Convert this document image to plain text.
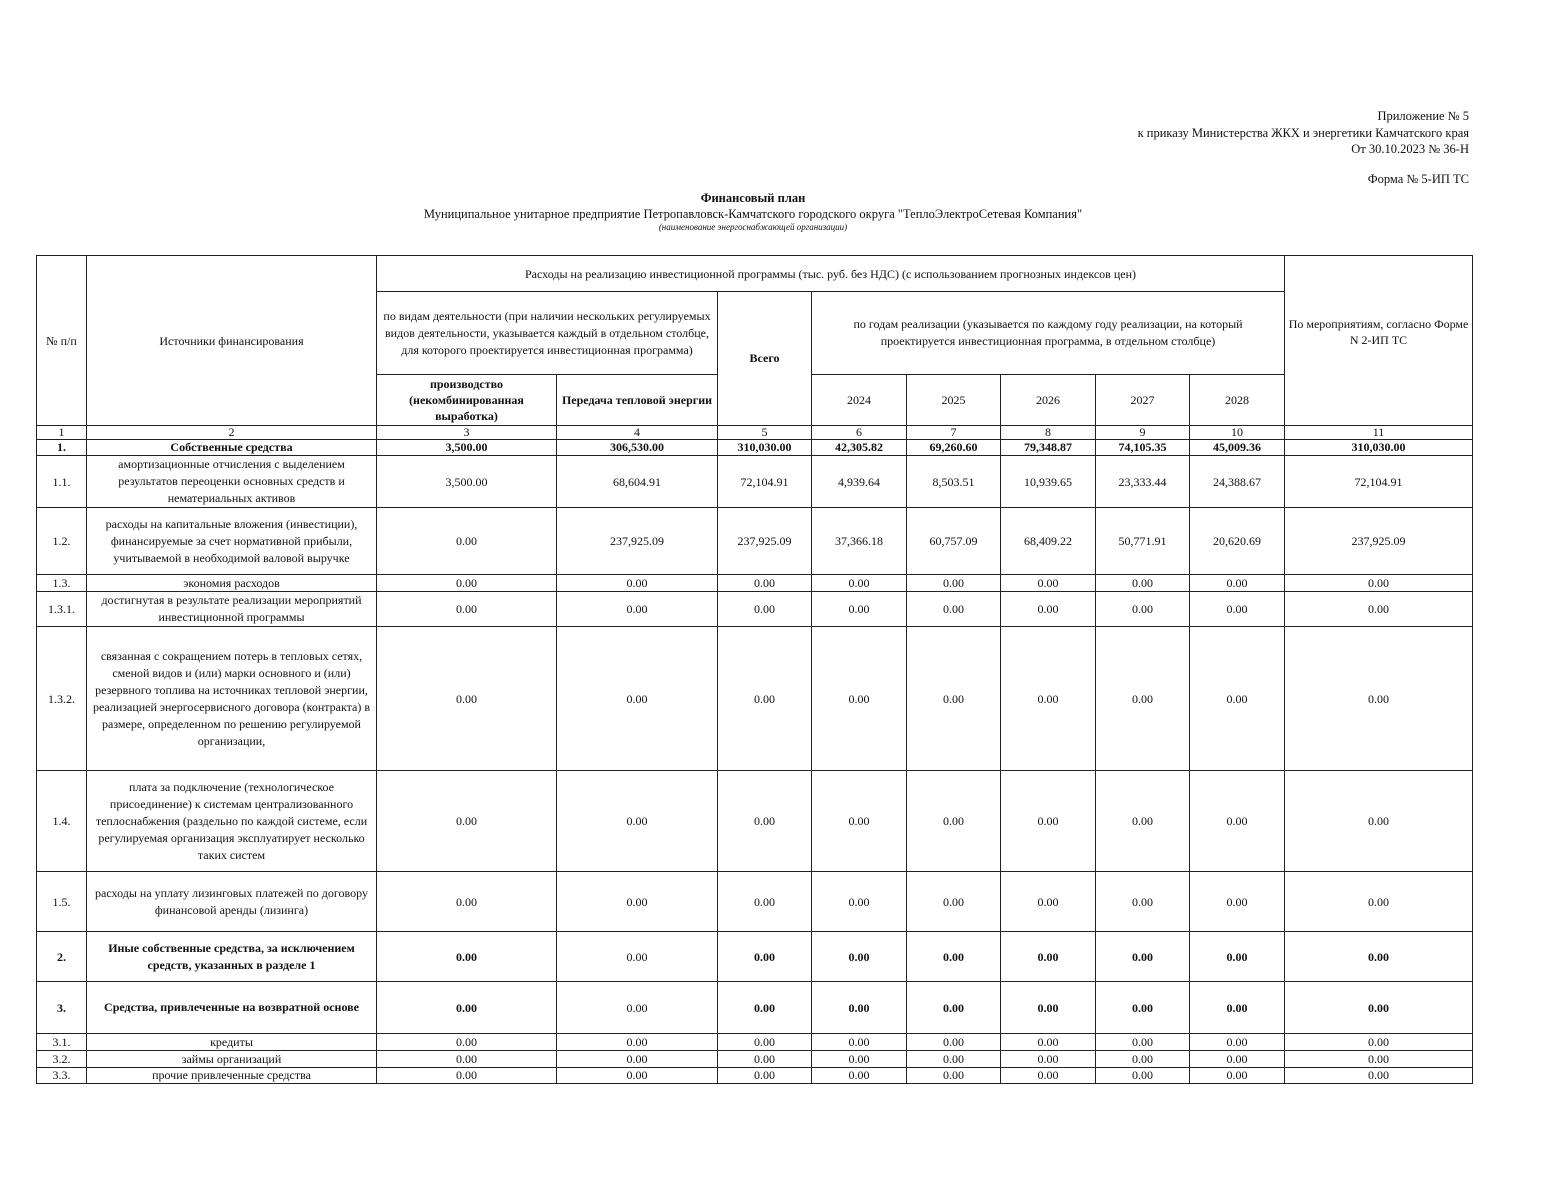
Приложение № 5
к приказу Министерства ЖКХ и энергетики Камчатского края
От 30.10.2023 № 36-Н
Форма № 5-ИП ТС
Финансовый план
Муниципальное унитарное предприятие Петропавловск-Камчатского городского округа "ТеплоЭлектроСетевая Компания"
(наименование энергоснабжающей организации)
№ п/п	Источники финансирования	Расходы на реализацию инвестиционной программы (тыс. руб. без НДС) (с использованием прогнозных индексов цен)								По мероприятиям, согласно Форме N 2-ИП ТС
		по видам деятельности (при наличии нескольких регулируемых видов деятельности, указывается каждый в отдельном столбце, для которого проектируется инвестиционная программа)		Всего	по годам реализации (указывается по каждому году реализации, на который проектируется инвестиционная программа, в отдельном столбце)					
		производство (некомбинированная выработка)	Передача тепловой энергии		2024	2025	2026	2027	2028	
1	2	3	4	5	6	7	8	9	10	11
1.	Собственные средства	3,500.00	306,530.00	310,030.00	42,305.82	69,260.60	79,348.87	74,105.35	45,009.36	310,030.00
1.1.	амортизационные отчисления с выделением результатов переоценки основных средств и нематериальных активов	3,500.00	68,604.91	72,104.91	4,939.64	8,503.51	10,939.65	23,333.44	24,388.67	72,104.91
1.2.	расходы на капитальные вложения (инвестиции), финансируемые за счет нормативной прибыли, учитываемой в необходимой валовой выручке	0.00	237,925.09	237,925.09	37,366.18	60,757.09	68,409.22	50,771.91	20,620.69	237,925.09
1.3.	экономия расходов	0.00	0.00	0.00	0.00	0.00	0.00	0.00	0.00	0.00
1.3.1.	достигнутая в результате реализации мероприятий инвестиционной программы	0.00	0.00	0.00	0.00	0.00	0.00	0.00	0.00	0.00
1.3.2.	связанная с сокращением потерь в тепловых сетях, сменой видов и (или) марки основного и (или) резервного топлива на источниках тепловой энергии, реализацией энергосервисного договора (контракта) в размере, определенном по решению регулируемой организации,	0.00	0.00	0.00	0.00	0.00	0.00	0.00	0.00	0.00
1.4.	плата за подключение (технологическое присоединение) к системам централизованного теплоснабжения (раздельно по каждой системе, если регулируемая организация эксплуатирует несколько таких систем	0.00	0.00	0.00	0.00	0.00	0.00	0.00	0.00	0.00
1.5.	расходы на уплату лизинговых платежей по договору финансовой аренды (лизинга)	0.00	0.00	0.00	0.00	0.00	0.00	0.00	0.00	0.00
2.	Иные собственные средства, за исключением средств, указанных в разделе 1	0.00	0.00	0.00	0.00	0.00	0.00	0.00	0.00	0.00
3.	Средства, привлеченные на возвратной основе	0.00	0.00	0.00	0.00	0.00	0.00	0.00	0.00	0.00
3.1.	кредиты	0.00	0.00	0.00	0.00	0.00	0.00	0.00	0.00	0.00
3.2.	займы организаций	0.00	0.00	0.00	0.00	0.00	0.00	0.00	0.00	0.00
3.3.	прочие привлеченные средства	0.00	0.00	0.00	0.00	0.00	0.00	0.00	0.00	0.00
